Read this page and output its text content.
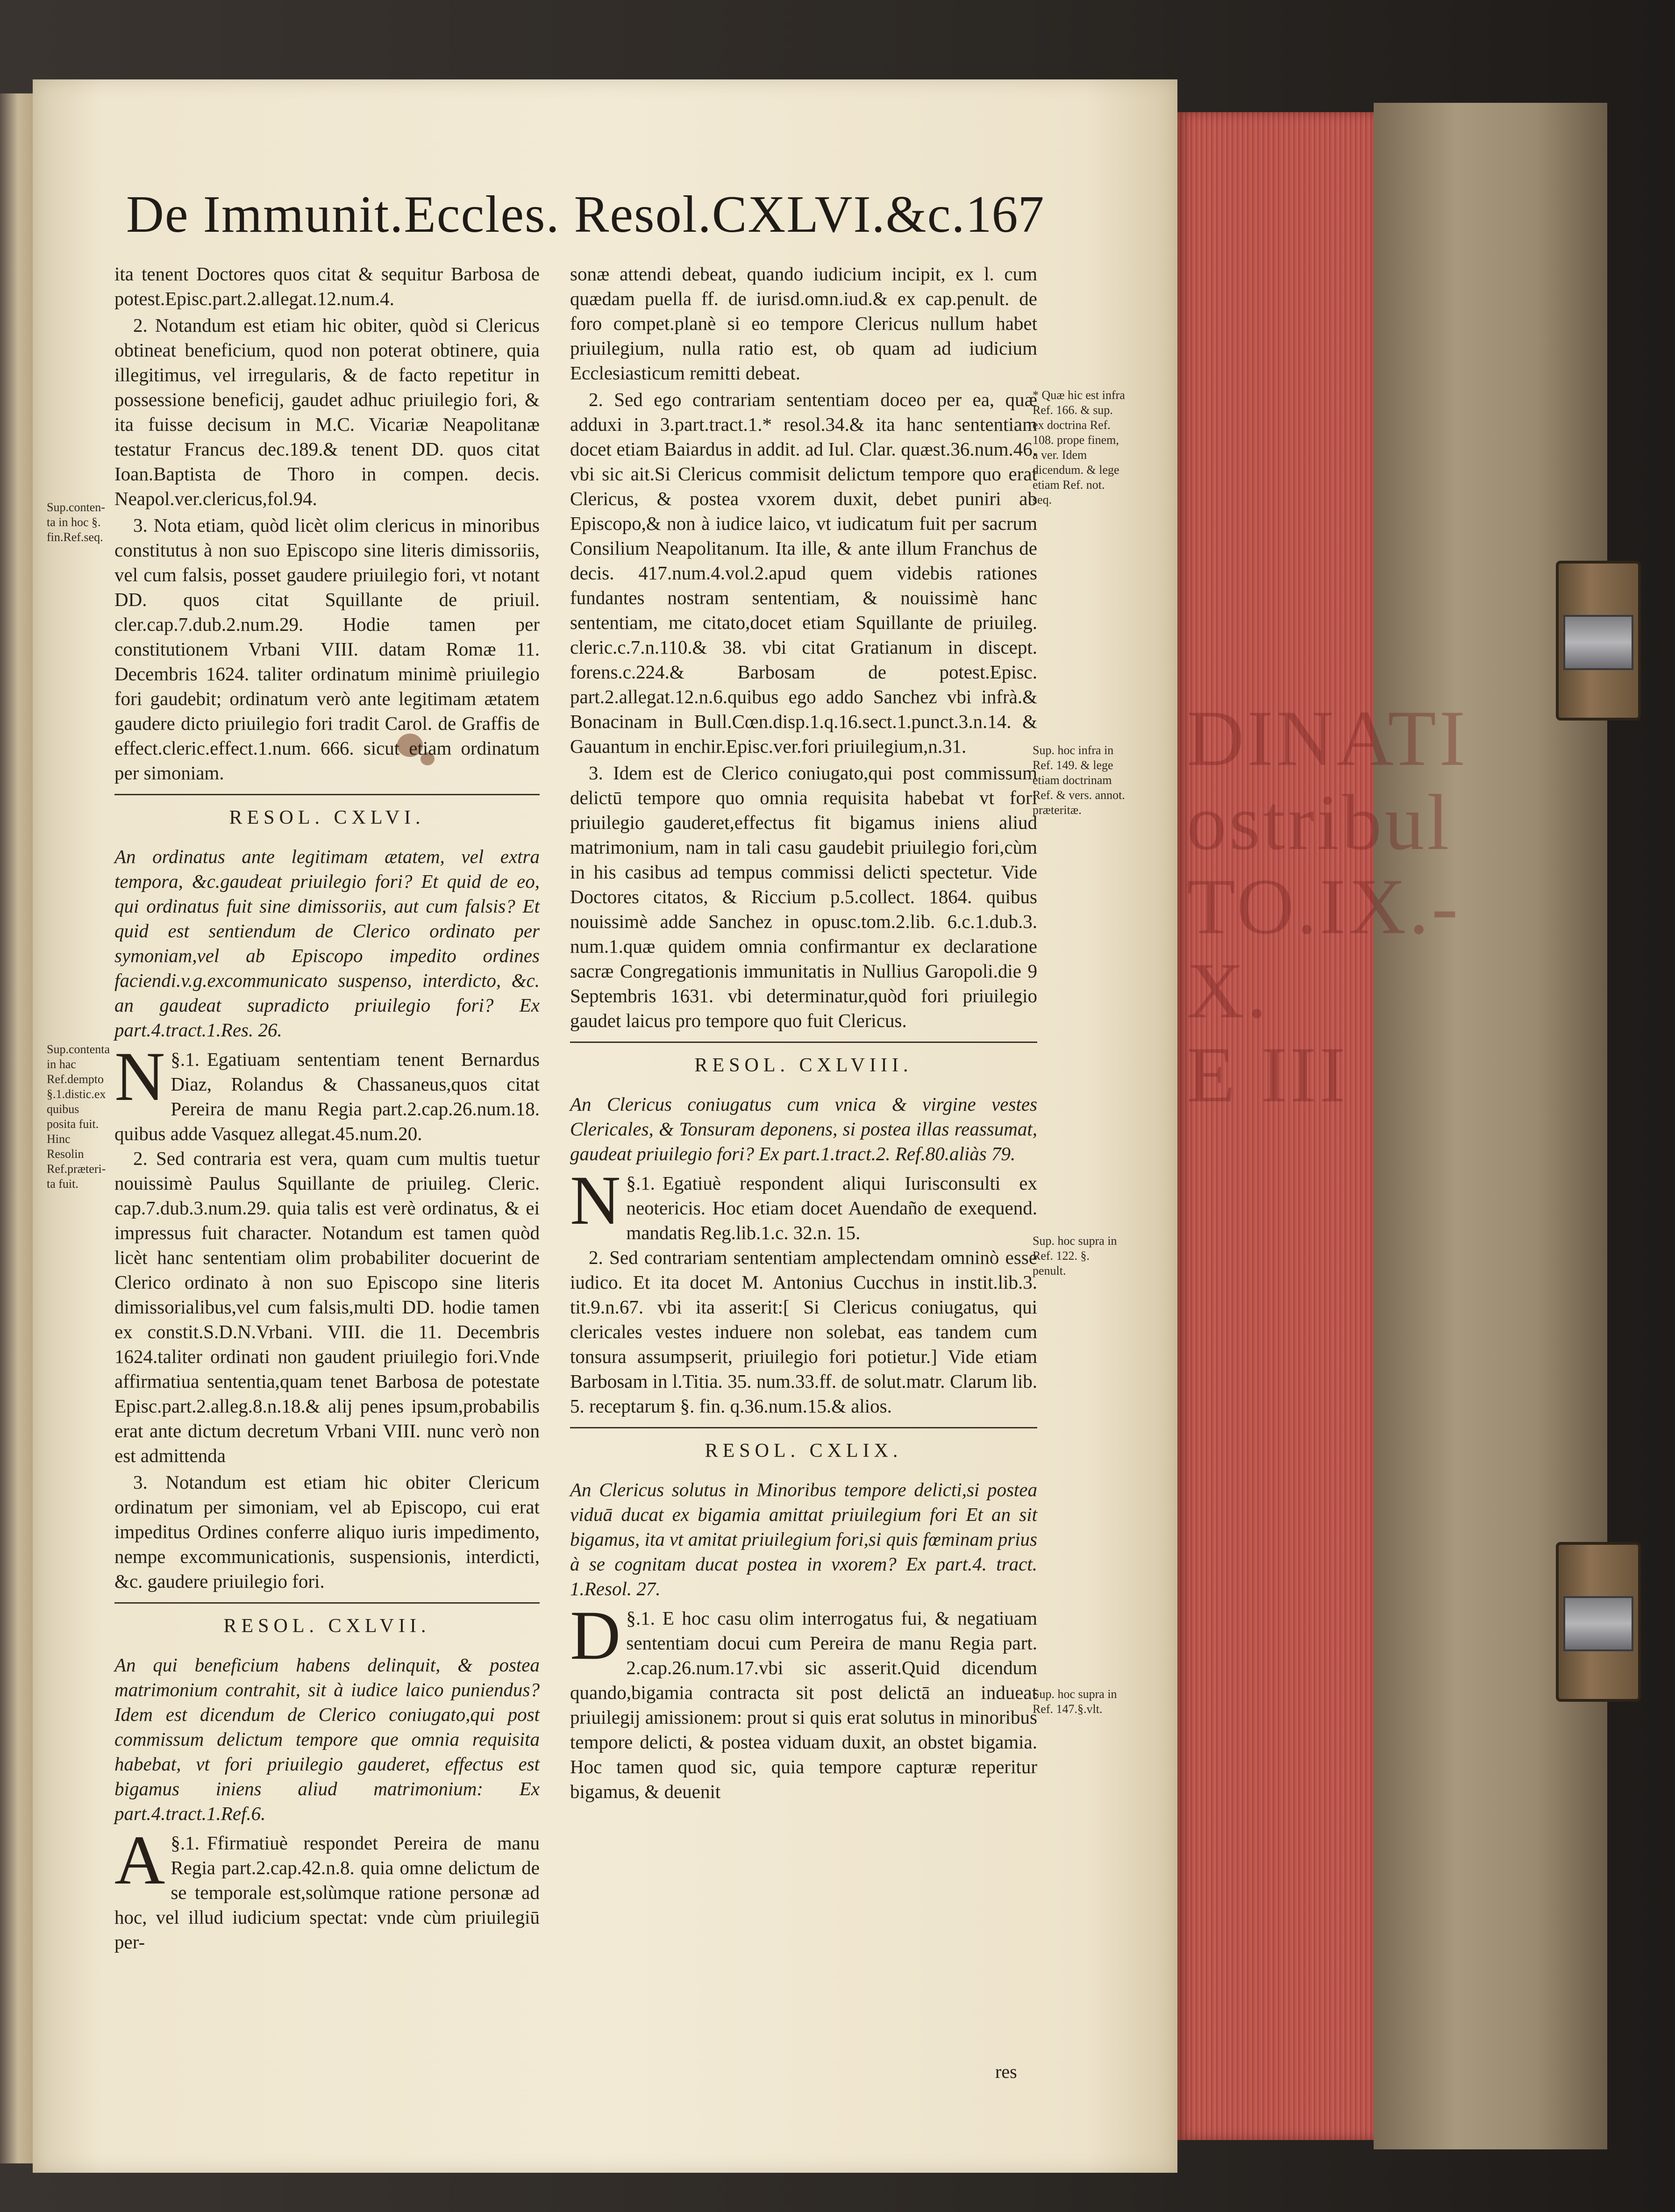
DINATI
ostribul
TO.IX.-X.
E III
De Immunit.Eccles. Resol.CXLVI.&c. 167

ita tenent Doctores quos citat & sequitur Barbosa de potest.Episc.part.2.allegat.12.num.4.

2. Notandum est etiam hic obiter, quòd si Clericus obtineat beneficium, quod non poterat obtinere, quia illegitimus, vel irregularis, & de facto repetitur in possessione beneficij, gaudet adhuc priuilegio fori, & ita fuisse decisum in M.C. Vicariæ Neapolitanæ testatur Francus dec.189.& tenent DD. quos citat Ioan.Baptista de Thoro in compen. decis. Neapol.ver.clericus,fol.94.

3. Nota etiam, quòd licèt olim clericus in minoribus constitutus à non suo Episcopo sine literis dimissoriis, vel cum falsis, posset gaudere priuilegio fori, vt notant DD. quos citat Squillante de priuil. cler.cap.7.dub.2.num.29. Hodie tamen per constitutionem Vrbani VIII. datam Romæ 11. Decembris 1624. taliter ordinatum minimè priuilegio fori gaudebit; ordinatum verò ante legitimam ætatem gaudere dicto priuilegio fori tradit Carol. de Graffis de effect.cleric.effect.1.num. 666. sicut etiam ordinatum per simoniam.

RESOL. CXLVI.

An ordinatus ante legitimam ætatem, vel extra tempora, &c.gaudeat priuilegio fori? Et quid de eo, qui ordinatus fuit sine dimissoriis, aut cum falsis? Et quid est sentiendum de Clerico ordinato per symoniam,vel ab Episcopo impedito ordines faciendi.v.g.excommunicato suspenso, interdicto, &c. an gaudeat supradicto priuilegio fori? Ex part.4.tract.1.Res. 26.

§.1.
N Egatiuam sententiam tenent Bernardus Diaz, Rolandus & Chassaneus,quos citat Pereira de manu Regia part.2.cap.26.num.18. quibus adde Vasquez allegat.45.num.20.

2. Sed contraria est vera, quam cum multis tuetur nouissimè Paulus Squillante de priuileg. Cleric. cap.7.dub.3.num.29. quia talis est verè ordinatus, & ei impressus fuit character. Notandum est tamen quòd licèt hanc sententiam olim probabiliter docuerint de Clerico ordinato à non suo Episcopo sine literis dimissorialibus,vel cum falsis,multi DD. hodie tamen ex constit.S.D.N.Vrbani. VIII. die 11. Decembris 1624.taliter ordinati non gaudent priuilegio fori.Vnde affirmatiua sententia,quam tenet Barbosa de potestate Episc.part.2.alleg.8.n.18.& alij penes ipsum,probabilis erat ante dictum decretum Vrbani VIII. nunc verò non est admittenda

3. Notandum est etiam hic obiter Clericum ordinatum per simoniam, vel ab Episcopo, cui erat impeditus Ordines conferre aliquo iuris impedimento, nempe excommunicationis, suspensionis, interdicti, &c. gaudere priuilegio fori.

RESOL. CXLVII.

An qui beneficium habens delinquit, & postea matrimonium contrahit, sit à iudice laico puniendus? Idem est dicendum de Clerico coniugato,qui post commissum delictum tempore que omnia requisita habebat, vt fori priuilegio gauderet, effectus est bigamus iniens aliud matrimonium: Ex part.4.tract.1.Ref.6.

§.1.
A Ffirmatiuè respondet Pereira de manu Regia part.2.cap.42.n.8. quia omne delictum de se temporale est,solùmque ratione personæ ad hoc, vel illud iudicium spectat: vnde cùm priuilegiū per-

sonæ attendi debeat, quando iudicium incipit, ex l. cum quædam puella ff. de iurisd.omn.iud.& ex cap.penult. de foro compet.planè si eo tempore Clericus nullum habet priuilegium, nulla ratio est, ob quam ad iudicium Ecclesiasticum remitti debeat.

2. Sed ego contrariam sententiam doceo per ea, quæ adduxi in 3.part.tract.1.* resol.34.& ita hanc sententiam docet etiam Baiardus in addit. ad Iul. Clar. quæst.36.num.46. vbi sic ait.Si Clericus commisit delictum tempore quo erat Clericus, & postea vxorem duxit, debet puniri ab Episcopo,& non à iudice laico, vt iudicatum fuit per sacrum Consilium Neapolitanum. Ita ille, & ante illum Franchus de decis. 417.num.4.vol.2.apud quem videbis rationes fundantes nostram sententiam, & nouissimè hanc sententiam, me citato,docet etiam Squillante de priuileg. cleric.c.7.n.110.& 38. vbi citat Gratianum in discept. forens.c.224.& Barbosam de potest.Episc. part.2.allegat.12.n.6.quibus ego addo Sanchez vbi infrà.& Bonacinam in Bull.Cœn.disp.1.q.16.sect.1.punct.3.n.14. & Gauantum in enchir.Episc.ver.fori priuilegium,n.31.

3. Idem est de Clerico coniugato,qui post commissum delictū tempore quo omnia requisita habebat vt fori priuilegio gauderet,effectus fit bigamus iniens aliud matrimonium, nam in tali casu gaudebit priuilegio fori,cùm in his casibus ad tempus commissi delicti spectetur. Vide Doctores citatos, & Riccium p.5.collect. 1864. quibus nouissimè adde Sanchez in opusc.tom.2.lib. 6.c.1.dub.3. num.1.quæ quidem omnia confirmantur ex declaratione sacræ Congregationis immunitatis in Nullius Garopoli.die 9 Septembris 1631. vbi determinatur,quòd fori priuilegio gaudet laicus pro tempore quo fuit Clericus.

RESOL. CXLVIII.

An Clericus coniugatus cum vnica & virgine vestes Clericales, & Tonsuram deponens, si postea illas reassumat, gaudeat priuilegio fori? Ex part.1.tract.2. Ref.80.aliàs 79.

§.1.
N Egatiuè respondent aliqui Iurisconsulti ex neotericis. Hoc etiam docet Auendaño de exequend. mandatis Reg.lib.1.c. 32.n. 15.

2. Sed contrariam sententiam amplectendam omninò esse iudico. Et ita docet M. Antonius Cucchus in instit.lib.3. tit.9.n.67. vbi ita asserit:[ Si Clericus coniugatus, qui clericales vestes induere non solebat, eas tandem cum tonsura assumpserit, priuilegio fori potietur.] Vide etiam Barbosam in l.Titia. 35. num.33.ff. de solut.matr. Clarum lib. 5. receptarum §. fin. q.36.num.15.& alios.

RESOL. CXLIX.

An Clericus solutus in Minoribus tempore delicti,si postea viduā ducat ex bigamia amittat priuilegium fori Et an sit bigamus, ita vt amitat priuilegium fori,si quis fœminam prius à se cognitam ducat postea in vxorem? Ex part.4. tract. 1.Resol. 27.

§.1.
D E hoc casu olim interrogatus fui, & negatiuam sententiam docui cum Pereira de manu Regia part. 2.cap.26.num.17.vbi sic asserit.Quid dicendum quando,bigamia contracta sit post delictā an indueat priuilegij amissionem: prout si quis erat solutus in minoribus tempore delicti, & postea viduam duxit, an obstet bigamia. Hoc tamen quod sic, quia tempore capturæ reperitur bigamus, & deuenit

Sup.conten-ta in hoc §. fin.Ref.seq.
Sup.contenta in hac Ref.dempto §.1.distic.ex quibus posita fuit. Hinc Resolin Ref.præteri-ta fuit.
* Quæ hic est infra Ref. 166. & sup. ex doctrina Ref. 108. prope finem, a ver. Idem dicendum. & lege etiam Ref. not. seq.
Sup. hoc infra in Ref. 149. & lege etiam doctrinam Ref. & vers. annot. præteritæ.
Sup. hoc supra in Ref. 122. §. penult.
Sup. hoc supra in Ref. 147.§.vlt.
res
